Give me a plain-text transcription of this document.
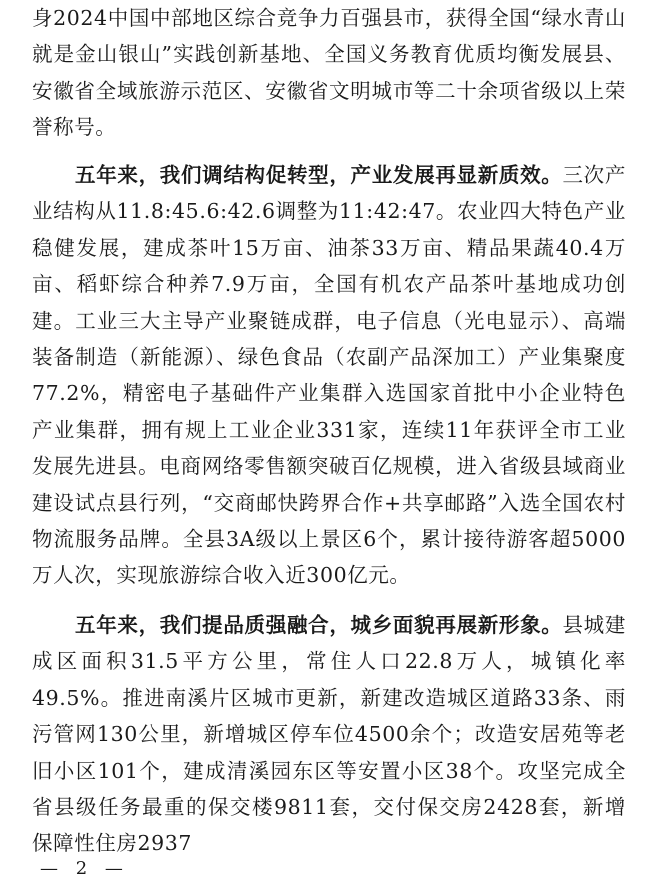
身2024中国中部地区综合竞争力百强县市，获得全国“绿水青山就是金山银山”实践创新基地、全国义务教育优质均衡发展县、安徽省全域旅游示范区、安徽省文明城市等二十余项省级以上荣誉称号。

五年来，我们调结构促转型，产业发展再显新质效。三次产业结构从11.8:45.6:42.6调整为11:42:47。农业四大特色产业稳健发展，建成茶叶15万亩、油茶33万亩、精品果蔬40.4万亩、稻虾综合种养7.9万亩，全国有机农产品茶叶基地成功创建。工业三大主导产业聚链成群，电子信息（光电显示）、高端装备制造（新能源）、绿色食品（农副产品深加工）产业集聚度77.2%，精密电子基础件产业集群入选国家首批中小企业特色产业集群，拥有规上工业企业331家，连续11年获评全市工业发展先进县。电商网络零售额突破百亿规模，进入省级县域商业建设试点县行列，“交商邮快跨界合作+共享邮路”入选全国农村物流服务品牌。全县3A级以上景区6个，累计接待游客超5000万人次，实现旅游综合收入近300亿元。

五年来，我们提品质强融合，城乡面貌再展新形象。县城建成区面积31.5平方公里，常住人口22.8万人，城镇化率49.5%。推进南溪片区城市更新，新建改造城区道路33条、雨污管网130公里，新增城区停车位4500余个；改造安居苑等老旧小区101个，建成清溪园东区等安置小区38个。攻坚完成全省县级任务最重的保交楼9811套，交付保交房2428套，新增保障性住房2937

— 2 —
